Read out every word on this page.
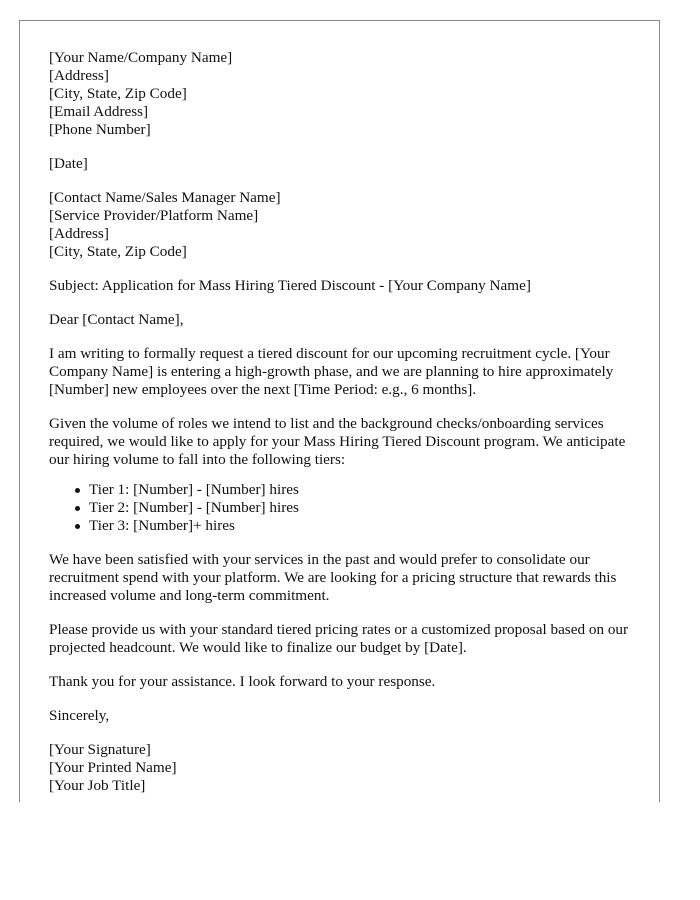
[Your Name/Company Name]
[Address]
[City, State, Zip Code]
[Email Address]
[Phone Number]
[Date]
[Contact Name/Sales Manager Name]
[Service Provider/Platform Name]
[Address]
[City, State, Zip Code]

Subject: Application for Mass Hiring Tiered Discount - [Your Company Name]

Dear [Contact Name],

I am writing to formally request a tiered discount for our upcoming recruitment cycle. [Your Company Name] is entering a high-growth phase, and we are planning to hire approximately [Number] new employees over the next [Time Period: e.g., 6 months].

Given the volume of roles we intend to list and the background checks/onboarding services required, we would like to apply for your Mass Hiring Tiered Discount program. We anticipate our hiring volume to fall into the following tiers:

Tier 1: [Number] - [Number] hires
Tier 2: [Number] - [Number] hires
Tier 3: [Number]+ hires

We have been satisfied with your services in the past and would prefer to consolidate our recruitment spend with your platform. We are looking for a pricing structure that rewards this increased volume and long-term commitment.

Please provide us with your standard tiered pricing rates or a customized proposal based on our projected headcount. We would like to finalize our budget by [Date].

Thank you for your assistance. I look forward to your response.

Sincerely,

[Your Signature]
[Your Printed Name]
[Your Job Title]
